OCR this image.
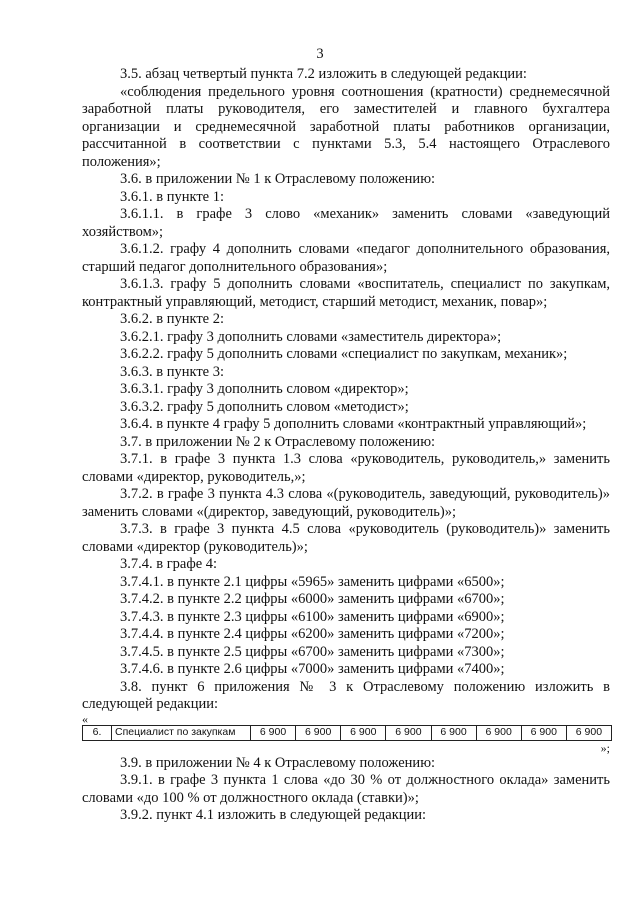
3

3.5. абзац четвертый пункта 7.2 изложить в следующей редакции:

«соблюдения предельного уровня соотношения (кратности) среднемесячной заработной платы руководителя, его заместителей и главного бухгалтера организации и среднемесячной заработной платы работников организации, рассчитанной в соответствии с пунктами 5.3, 5.4 настоящего Отраслевого положения»;

3.6. в приложении № 1 к Отраслевому положению:

3.6.1. в пункте 1:

3.6.1.1. в графе 3 слово «механик» заменить словами «заведующий хозяйством»;

3.6.1.2. графу 4 дополнить словами «педагог дополнительного образования, старший педагог дополнительного образования»;

3.6.1.3. графу 5 дополнить словами «воспитатель, специалист по закупкам, контрактный управляющий, методист, старший методист, механик, повар»;

3.6.2. в пункте 2:

3.6.2.1. графу 3 дополнить словами «заместитель директора»;

3.6.2.2. графу 5 дополнить словами «специалист по закупкам, механик»;

3.6.3. в пункте 3:

3.6.3.1. графу 3 дополнить словом «директор»;

3.6.3.2. графу 5 дополнить словом «методист»;

3.6.4. в пункте 4 графу 5 дополнить словами «контрактный управляющий»;

3.7. в приложении № 2 к Отраслевому положению:

3.7.1. в графе 3 пункта 1.3 слова «руководитель, руководитель,» заменить словами «директор, руководитель,»;

3.7.2. в графе 3 пункта 4.3 слова «(руководитель, заведующий, руководитель)» заменить словами «(директор, заведующий, руководитель)»;

3.7.3. в графе 3 пункта 4.5 слова «руководитель (руководитель)» заменить словами «директор (руководитель)»;

3.7.4. в графе 4:

3.7.4.1. в пункте 2.1 цифры «5965» заменить цифрами «6500»;

3.7.4.2. в пункте 2.2 цифры «6000» заменить цифрами «6700»;

3.7.4.3. в пункте 2.3 цифры «6100» заменить цифрами «6900»;

3.7.4.4. в пункте 2.4 цифры «6200» заменить цифрами «7200»;

3.7.4.5. в пункте 2.5 цифры «6700» заменить цифрами «7300»;

3.7.4.6. в пункте 2.6 цифры «7000» заменить цифрами «7400»;

3.8. пункт 6 приложения № 3 к Отраслевому положению изложить в следующей редакции:

«
6.	Специалист по закупкам	6 900	6 900	6 900	6 900	6 900	6 900	6 900	6 900
»;

3.9. в приложении № 4 к Отраслевому положению:

3.9.1. в графе 3 пункта 1 слова «до 30 % от должностного оклада» заменить словами «до 100 % от должностного оклада (ставки)»;

3.9.2. пункт 4.1 изложить в следующей редакции:
